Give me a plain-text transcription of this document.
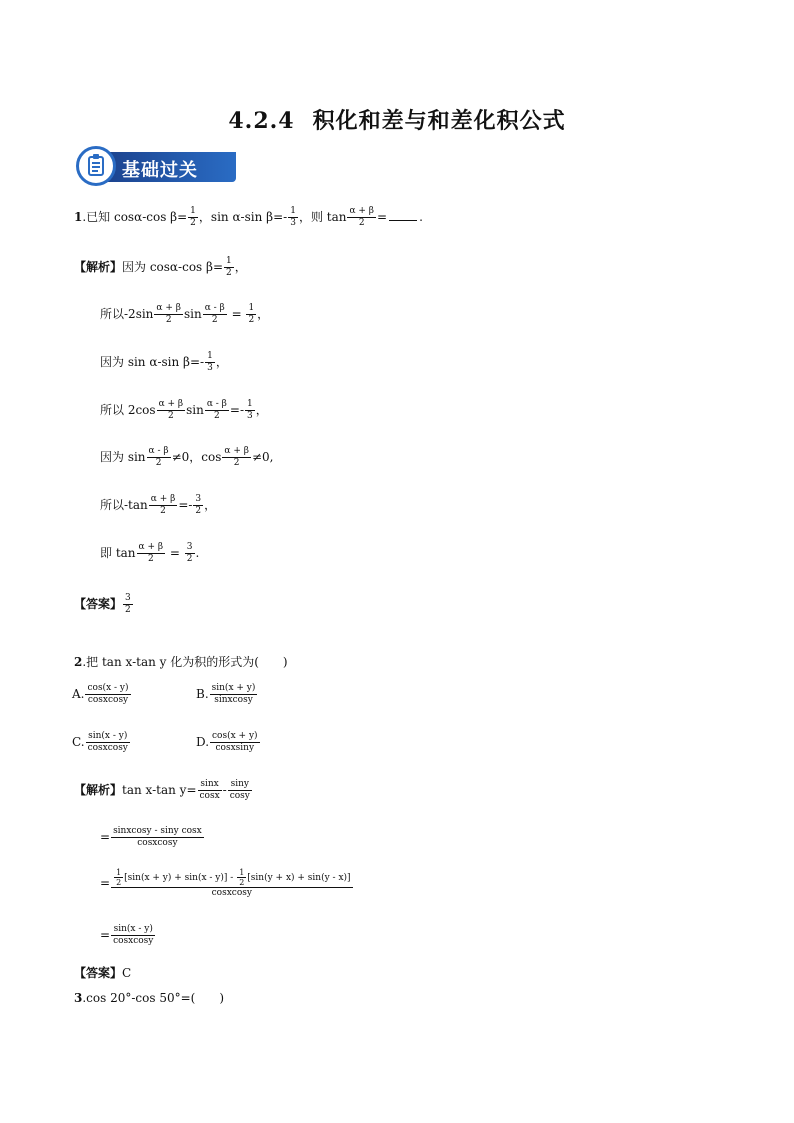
4.2.4 积化和差与和差化积公式
基础过关
1.已知 cosα-cos $\beta= \frac{1}{2}$ ，sin α-sin $\beta=- \frac{1}{3}$ ，则 $\tan \frac{\alpha + \beta}{2}$ =	.
【解析】因为 cosα-cos $\beta= \frac{1}{2}$ ，
所以$-2\sin \frac{\alpha + \beta}{2}$ $\sin \frac{\alpha - \beta}{2} = \frac{1}{2}$ ，
因为 sin α-sin $\beta=- \frac{1}{3}$ ，
所以 $2\cos \frac{\alpha + \beta}{2}$ $\sin \frac{\alpha - \beta}{2} =- \frac{1}{3}$ ，
因为 $\sin \frac{\alpha - \beta}{2} \ne 0$，$\cos \frac{\alpha + \beta}{2} \ne 0$,
所以$-\tan \frac{\alpha + \beta}{2} =- \frac{3}{2}$ ，
即 $\tan \frac{\alpha + \beta}{2} = \frac{3}{2}$ .
【答案】 $\frac{3}{2}$
2.把 tan x-tan y 化为积的形式为(　　)
A. $\frac{\cos(x - y)}{\text{cosxcosy}}$	B. $\frac{\sin(x + y)}{\text{sinxcosy}}$
C. $\frac{\sin(x - y)}{\text{cosxcosy}}$	D. $\frac{\cos(x + y)}{\text{cosxsiny}}$
【解析】tan x-tan $y= \frac{\sin x}{\cos x} - \frac{\sin y}{\cos y}$
= $\frac{\text{sinxcosy - siny cosx}}{\text{cosxcosy}}$
= $\frac{\frac{1}{2} [\sin(x + y) + \sin(x - y)] - \frac{1}{2} [\sin(y + x) + \sin(y - x)]}{\text{cosxcosy}}$
= $\frac{\sin(x - y)}{\text{cosxcosy}}$
【答案】C
3.cos 20°-cos 50°=(　　)
